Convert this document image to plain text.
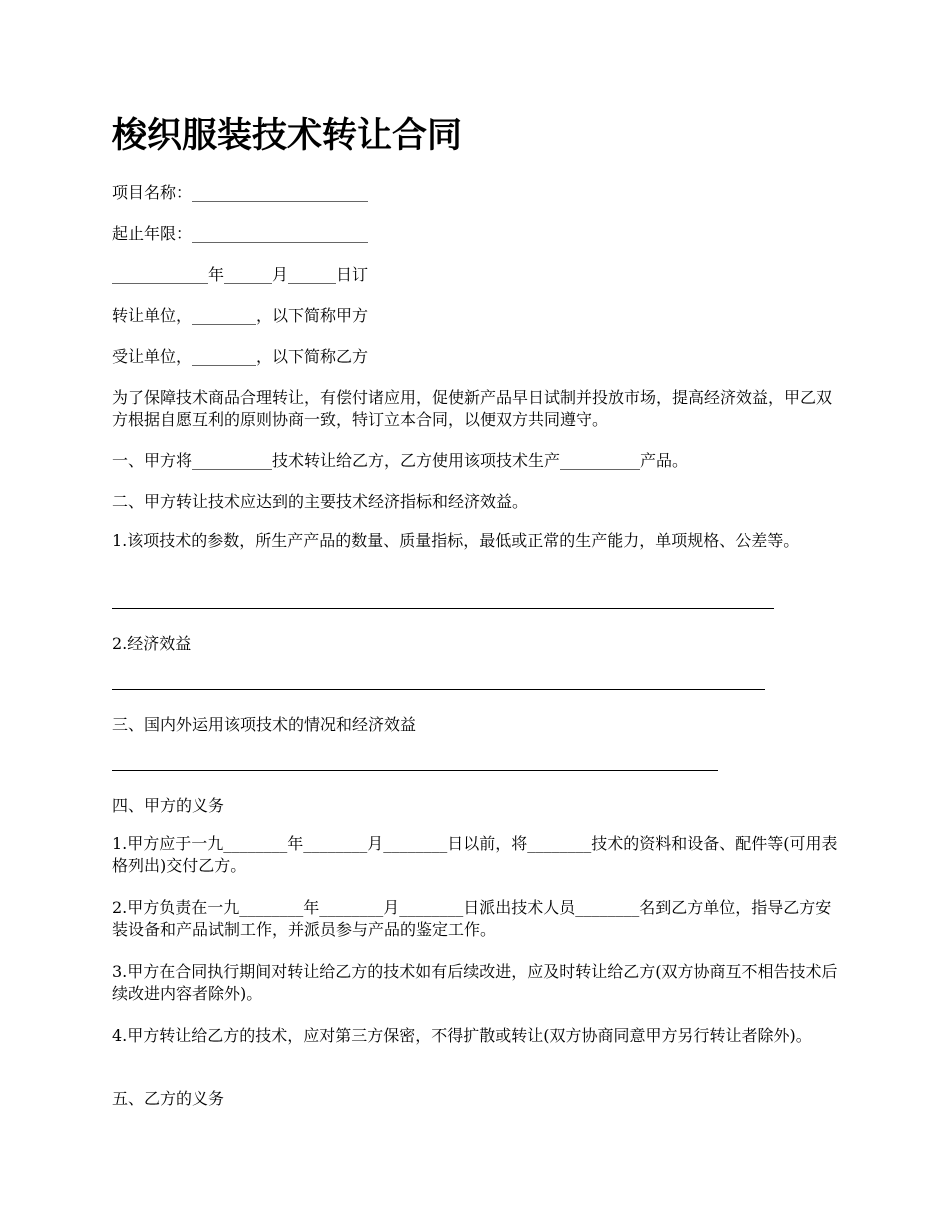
梭织服装技术转让合同

项目名称：______________________

起止年限：______________________

____________年______月______日订

转让单位，________，以下简称甲方

受让单位，________，以下简称乙方

为了保障技术商品合理转让，有偿付诸应用，促使新产品早日试制并投放市场，提高经济效益，甲乙双方根据自愿互利的原则协商一致，特订立本合同，以便双方共同遵守。

一、甲方将__________技术转让给乙方，乙方使用该项技术生产__________产品。

二、甲方转让技术应达到的主要技术经济指标和经济效益。

1.该项技术的参数，所生产产品的数量、质量指标，最低或正常的生产能力，单项规格、公差等。

2.经济效益

三、国内外运用该项技术的情况和经济效益

四、甲方的义务

1.甲方应于一九________年________月________日以前，将________技术的资料和设备、配件等(可用表格列出)交付乙方。

2.甲方负责在一九________年________月________日派出技术人员________名到乙方单位，指导乙方安装设备和产品试制工作，并派员参与产品的鉴定工作。

3.甲方在合同执行期间对转让给乙方的技术如有后续改进，应及时转让给乙方(双方协商互不相告技术后续改进内容者除外)。

4.甲方转让给乙方的技术，应对第三方保密，不得扩散或转让(双方协商同意甲方另行转让者除外)。

五、乙方的义务
